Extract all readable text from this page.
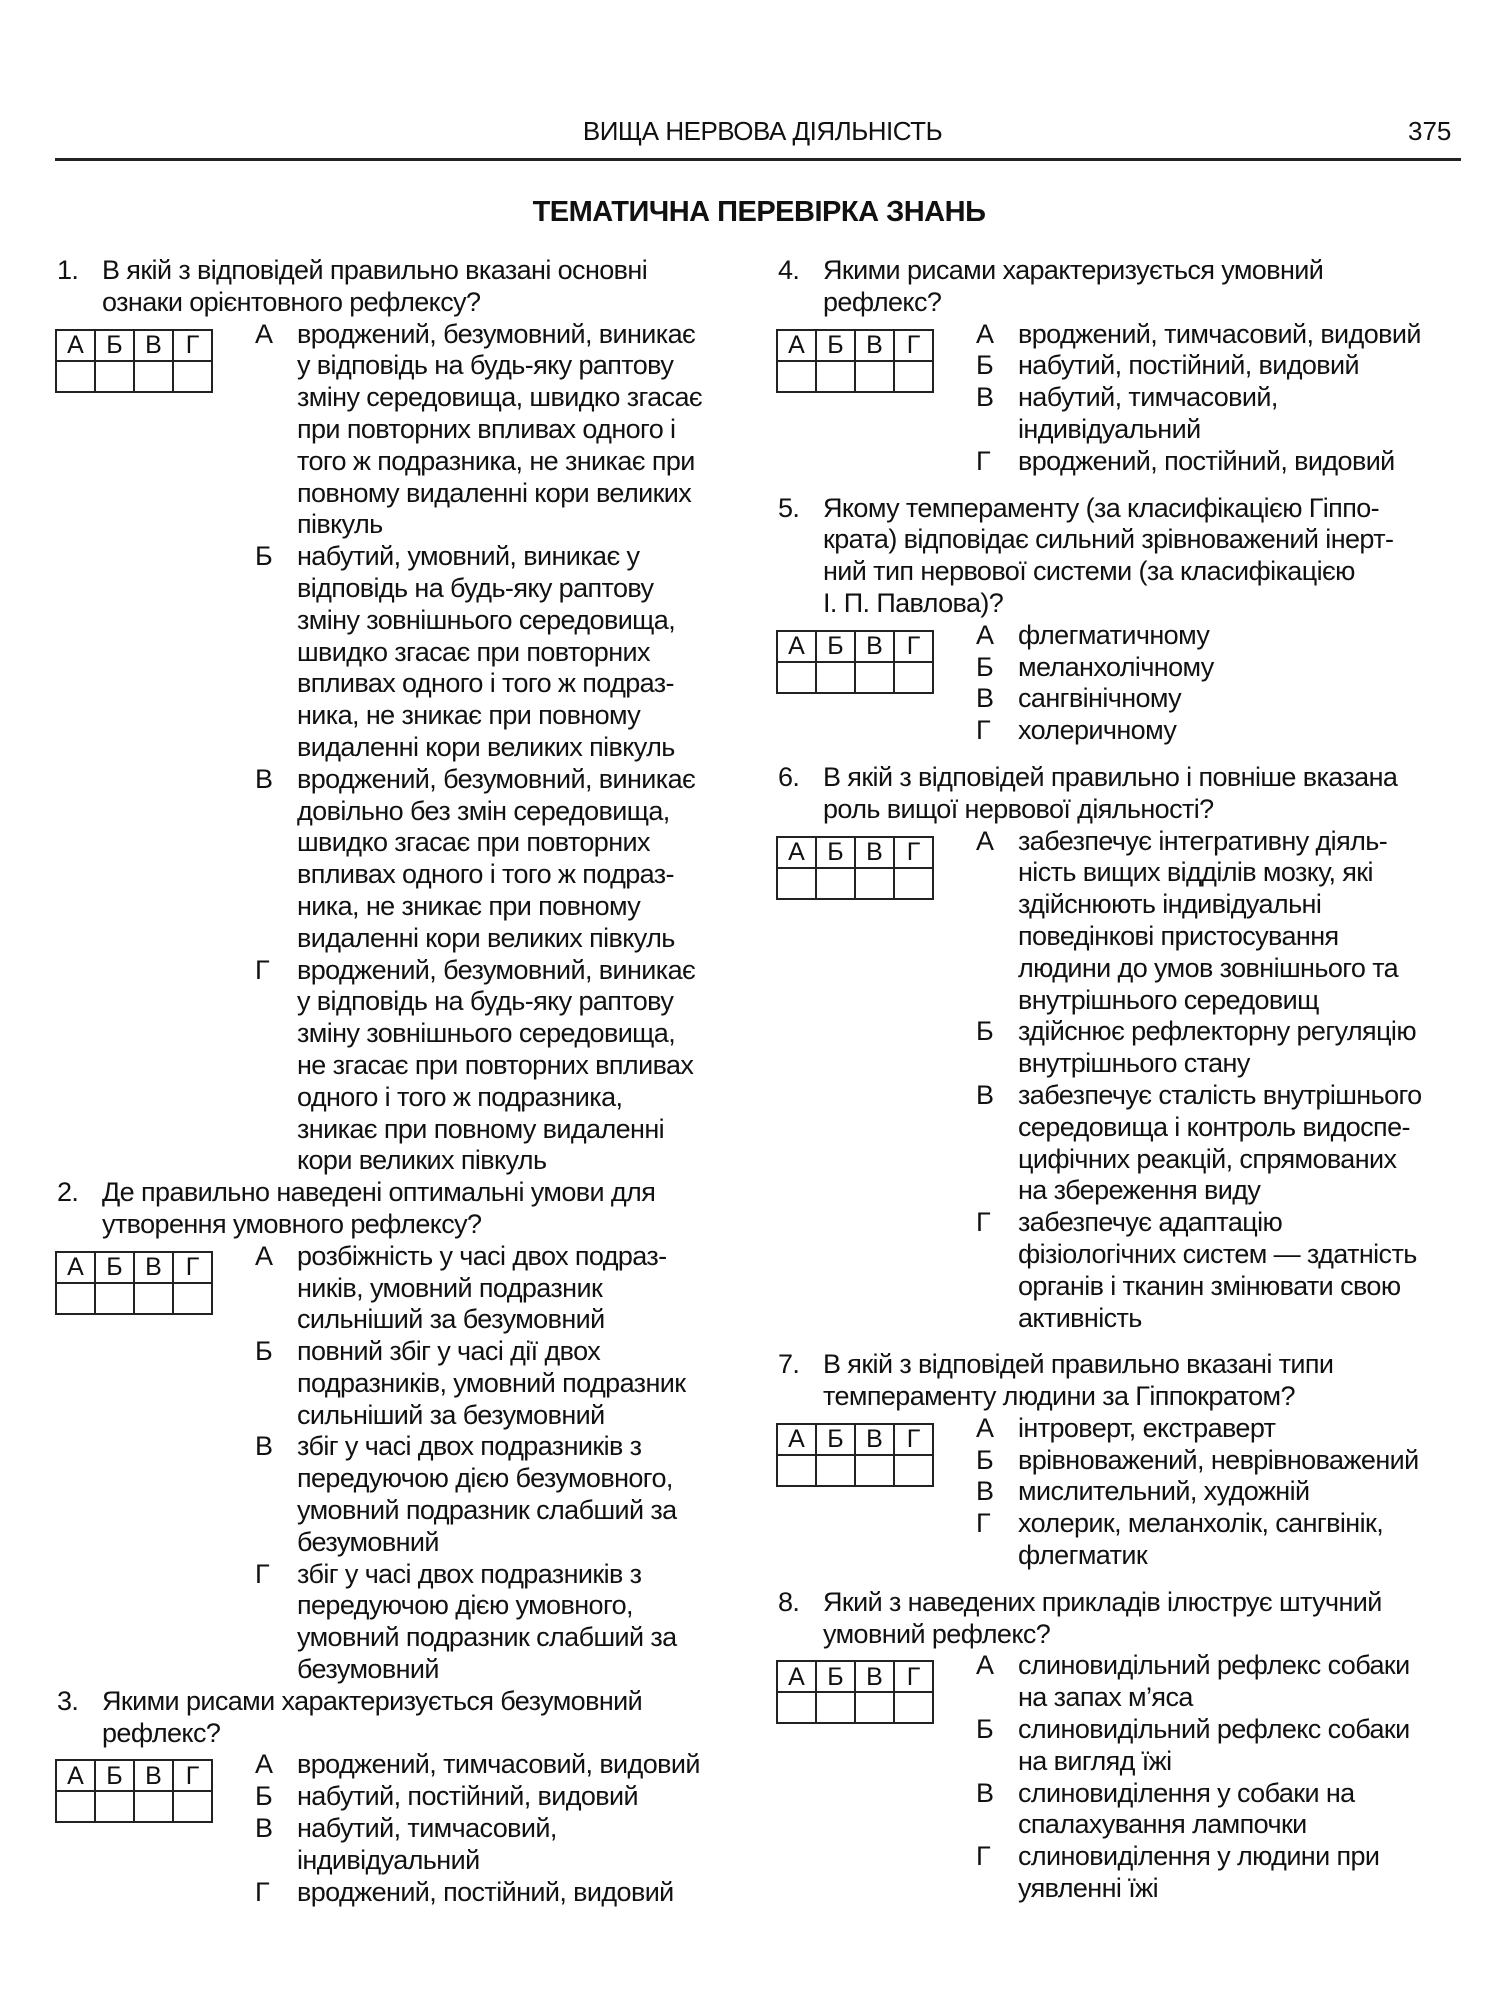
ВИЩА НЕРВОВА ДІЯЛЬНІСТЬ	375
ТЕМАТИЧНА ПЕРЕВІРКА ЗНАНЬ
1. В якій з відповідей правильно вказані основні
ознаки орієнтовного рефлексу?
А	Б	В	Г
			А вроджений, безумовний, виникає
у відповідь на будь-яку раптову
зміну середовища, швидко згасає
при повторних впливах одного і
того ж подразника, не зникає при
повному видаленні кори великих
півкуль
Б набутий, умовний, виникає у
відповідь на будь-яку раптову
зміну зовнішнього середовища,
швидко згасає при повторних
впливах одного і того ж подраз-
ника, не зникає при повному
видаленні кори великих півкуль
В вроджений, безумовний, виникає
довільно без змін середовища,
швидко згасає при повторних
впливах одного і того ж подраз-
ника, не зникає при повному
видаленні кори великих півкуль
Г	вроджений, безумовний, виникає
у відповідь на будь-яку раптову
зміну зовнішнього середовища,
не згасає при повторних впливах
одного і того ж подразника,
зникає при повному видаленні
кори великих півкуль
2. Де правильно наведені оптимальні умови для
утворення умовного рефлексу?
А	Б	В	Г
			А розбіжність у часі двох подраз-
ників, умовний подразник
сильніший за безумовний
Б повний збіг у часі дії двох
подразників, умовний подразник
сильніший за безумовний
В збіг у часі двох подразників з
передуючою дією безумовного,
умовний подразник слабший за
безумовний
Г	збіг у часі двох подразників з
передуючою дією умовного,
умовний подразник слабший за
безумовний
3. Якими рисами характеризується безумовний
рефлекс?
А	Б	В	Г
			А вроджений, тимчасовий, видовий
Б набутий, постійний, видовий
В набутий, тимчасовий,
індивідуальний
Г	вроджений, постійний, видовий
4. Якими рисами характеризується умовний
рефлекс?
А	Б	В	Г
			А вроджений, тимчасовий, видовий
Б набутий, постійний, видовий
В набутий, тимчасовий,
індивідуальний
Г	вроджений, постійний, видовий
5. Якому темпераменту (за класифікацією Гіппо-
крата) відповідає сильний зрівноважений інерт-
ний тип нервової системи (за класифікацією
І. П. Павлова)?
А	Б	В	Г
			А флегматичному
Б меланхолічному
В сангвінічному
Г	холеричному
6. В якій з відповідей правильно і повніше вказана
роль вищої нервової діяльності?
А	Б	В	Г
			А забезпечує інтегративну діяль-
ність вищих відділів мозку, які
здійснюють індивідуальні
поведінкові пристосування
людини до умов зовнішнього та
внутрішнього середовищ
Б здійснює рефлекторну регуляцію
внутрішнього стану
В забезпечує сталість внутрішнього
середовища і контроль видоспе-
цифічних реакцій, спрямованих
на збереження виду
Г	забезпечує адаптацію
фізіологічних систем — здатність
органів і тканин змінювати свою
активність
7. В якій з відповідей правильно вказані типи
темпераменту людини за Гіппократом?
А	Б	В	Г
			А інтроверт, екстраверт
Б врівноважений, неврівноважений
В мислительний, художній
Г	холерик, меланхолік, сангвінік,
флегматик
8. Який з наведених прикладів ілюструє штучний
умовний рефлекс?
А	Б	В	Г
			А слиновидільний рефлекс собаки
на запах м’яса
Б слиновидільний рефлекс собаки
на вигляд їжі
В слиновиділення у собаки на
спалахування лампочки
Г	слиновиділення у людини при
уявленні їжі
